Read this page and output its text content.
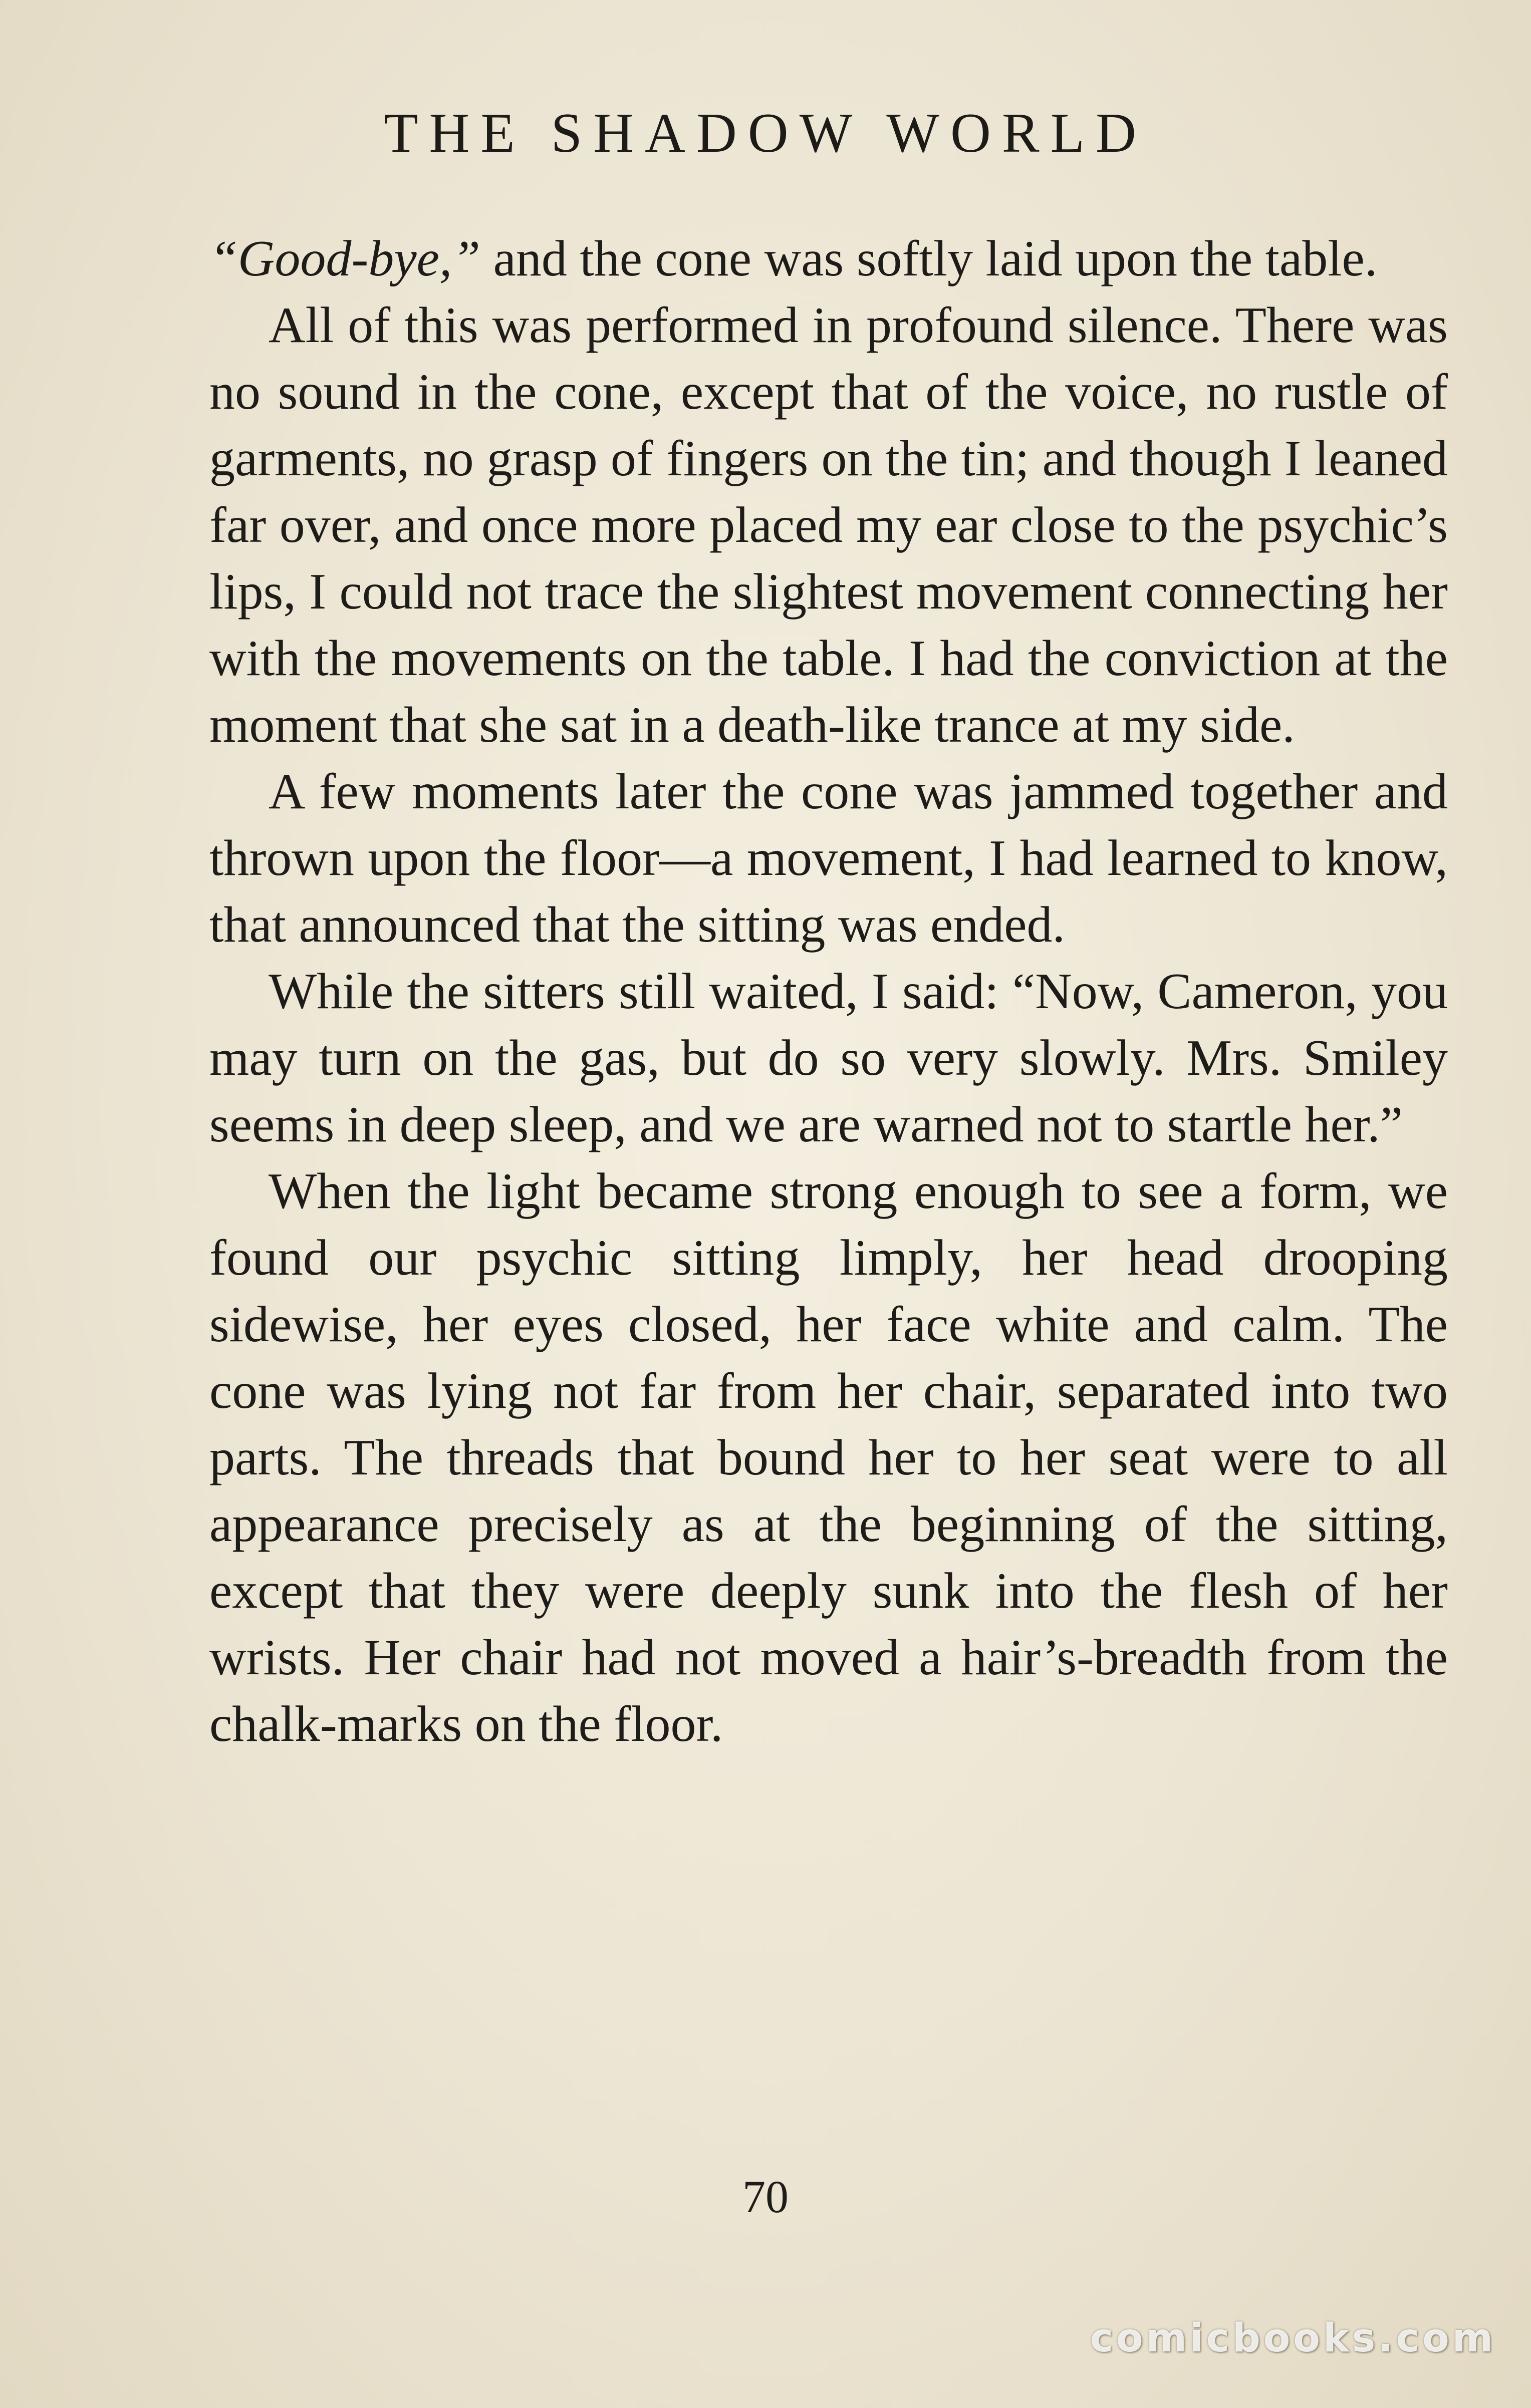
THE SHADOW WORLD

“Good-bye,” and the cone was softly laid upon the table.

All of this was performed in profound silence. There was no sound in the cone, except that of the voice, no rustle of garments, no grasp of fingers on the tin; and though I leaned far over, and once more placed my ear close to the psychic’s lips, I could not trace the slightest movement connecting her with the movements on the table. I had the conviction at the moment that she sat in a death-like trance at my side.

A few moments later the cone was jammed together and thrown upon the floor—a movement, I had learned to know, that announced that the sitting was ended.

While the sitters still waited, I said: “Now, Cameron, you may turn on the gas, but do so very slowly. Mrs. Smiley seems in deep sleep, and we are warned not to startle her.”

When the light became strong enough to see a form, we found our psychic sitting limply, her head drooping sidewise, her eyes closed, her face white and calm. The cone was lying not far from her chair, separated into two parts. The threads that bound her to her seat were to all appearance precisely as at the beginning of the sitting, except that they were deeply sunk into the flesh of her wrists. Her chair had not moved a hair’s-breadth from the chalk-marks on the floor.

70
comicbooks.com
